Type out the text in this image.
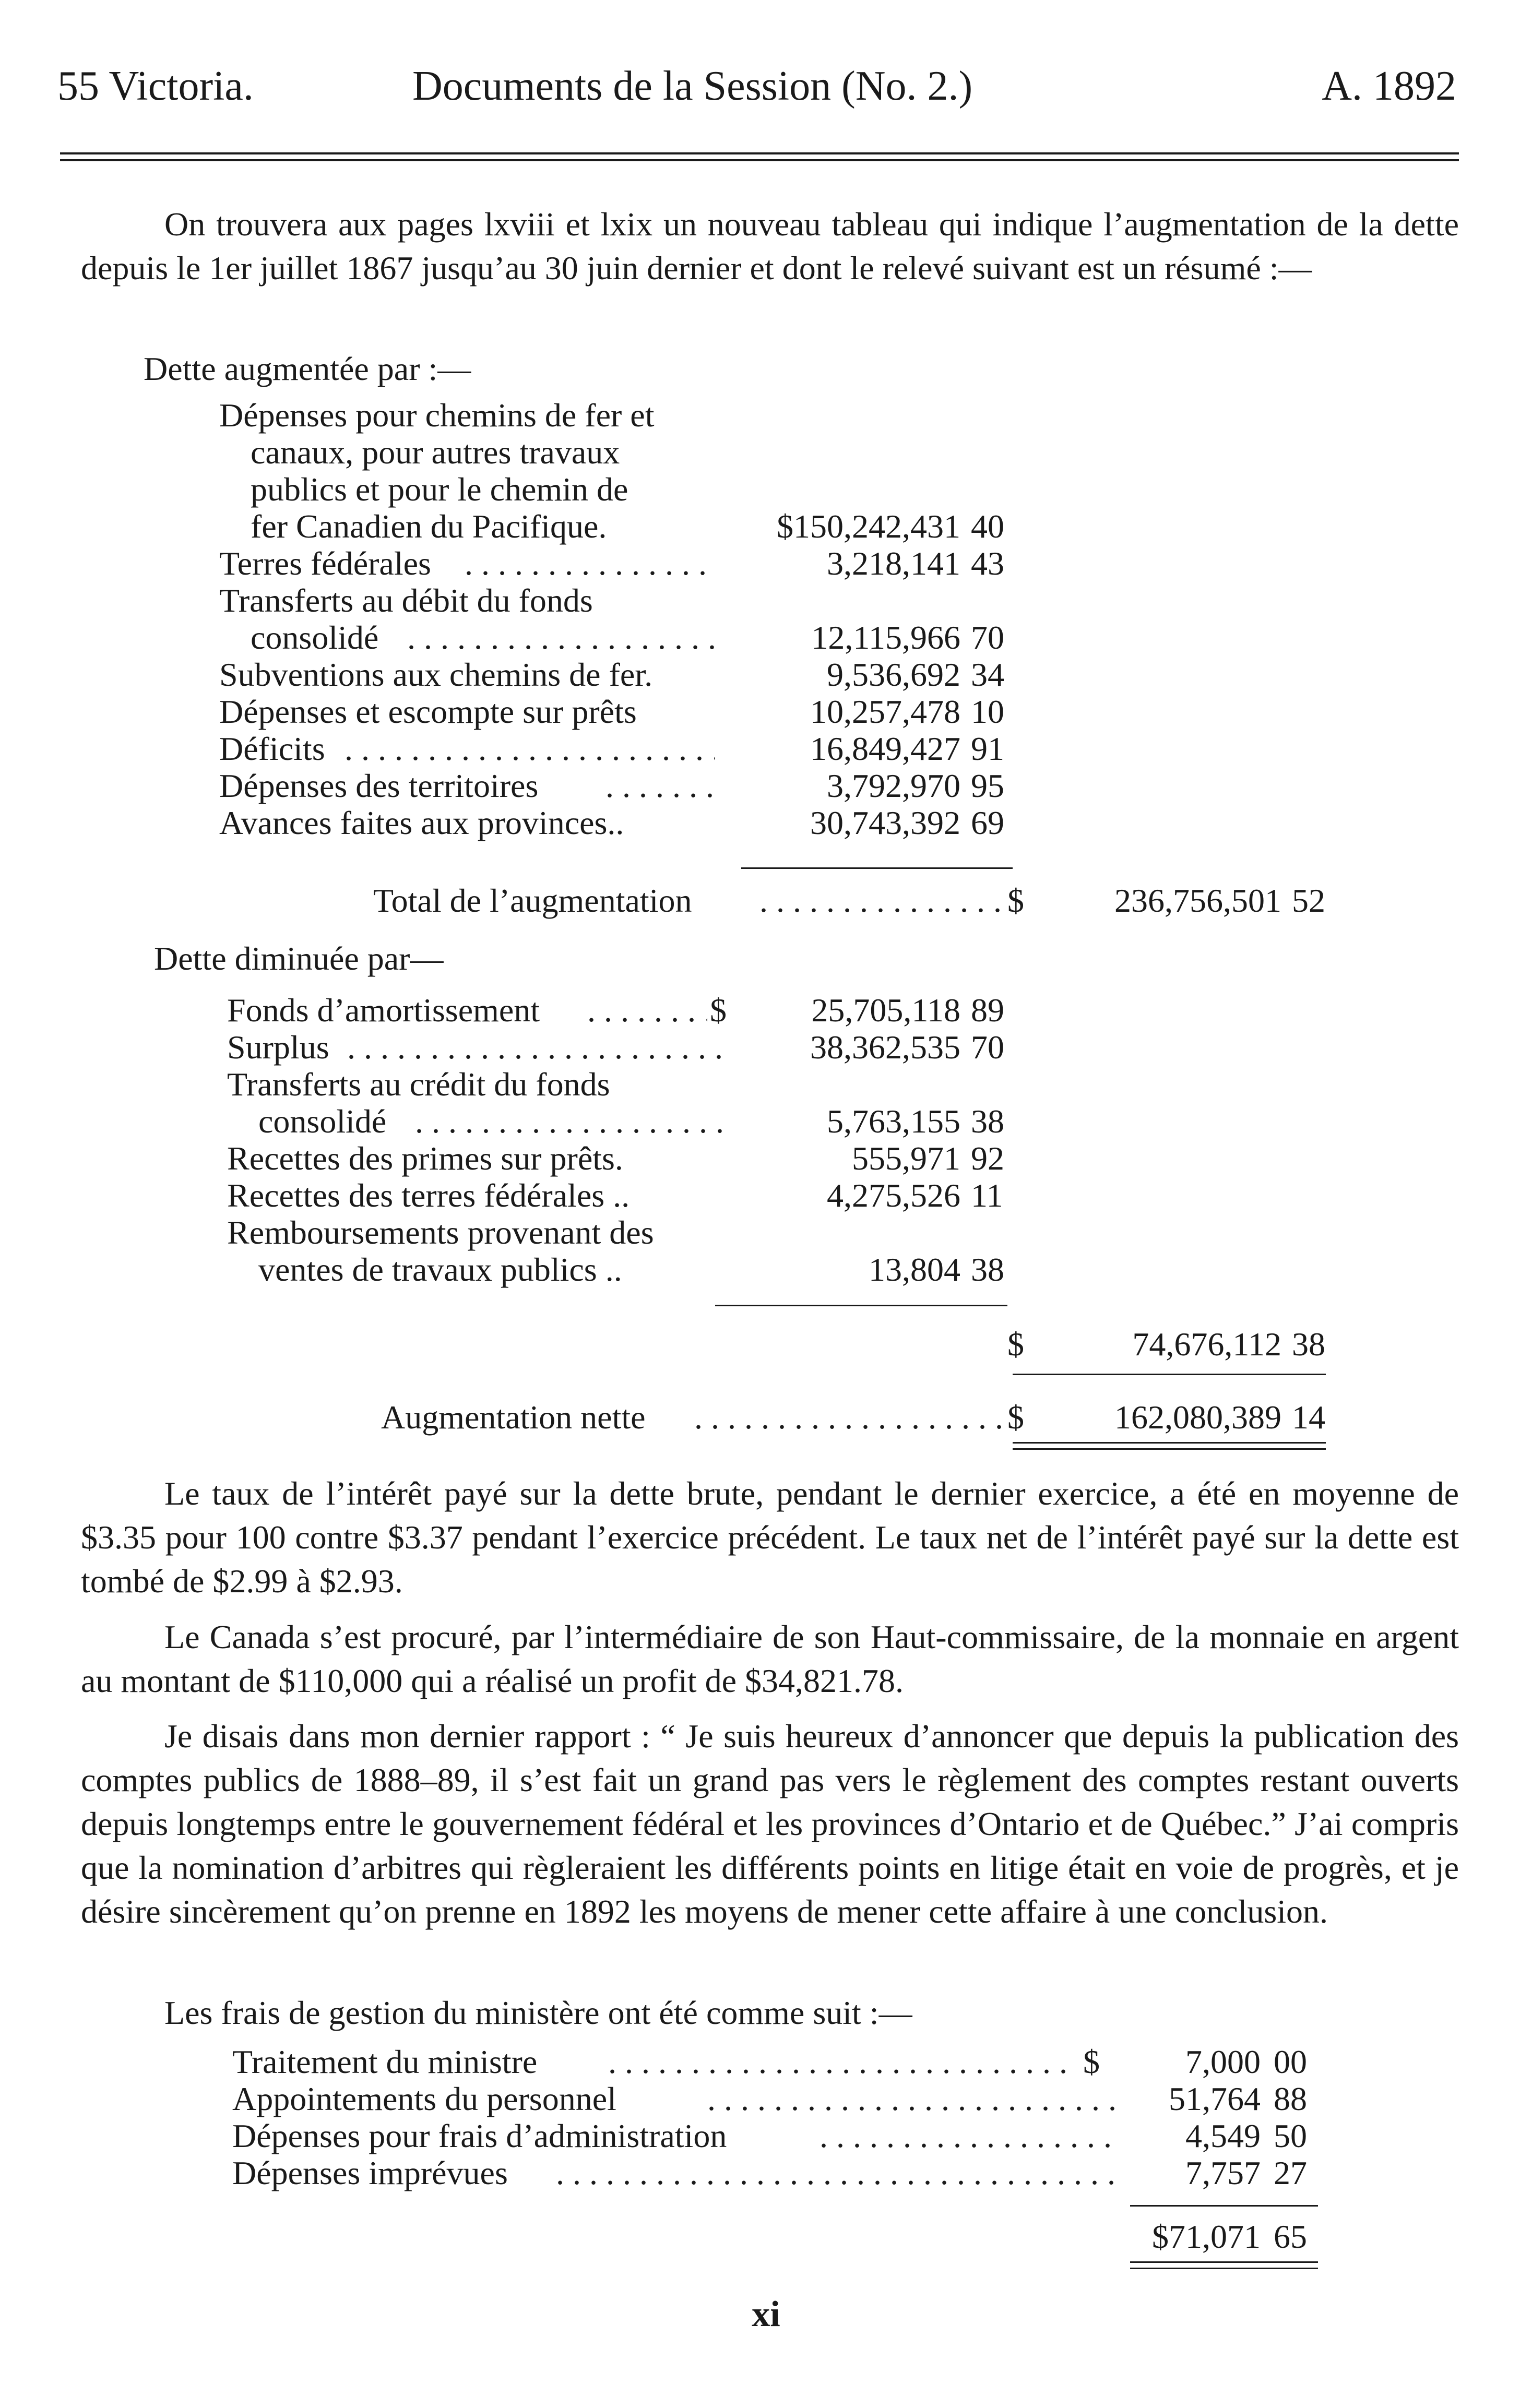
55 Victoria.	Documents de la Session (No. 2.)	A. 1892
On trouvera aux pages lxviii et lxix un nouveau tableau qui indique l’augmentation de la dette depuis le 1er juillet 1867 jusqu’au 30 juin dernier et dont le relevé suivant est un résumé :—
Dette augmentée par :—
Dépenses pour chemins de fer et
canaux, pour autres travaux
publics et pour le chemin de
fer Canadien du Pacifique.	$150,242,431 40
Terres fédérales . . .	3,218,141 43
Transferts au débit du fonds
consolidé . . .	12,115,966 70
Subventions aux chemins de fer.	9,536,692 34
Dépenses et escompte sur prêts	10,257,478 10
Déficits . . .	16,849,427 91
Dépenses des territoires . . .	3,792,970 95
Avances faites aux provinces..	30,743,392 69
Total de l’augmentation . . .	$	236,756,501 52
Dette diminuée par—
Fonds d’amortissement . . .	$	25,705,118 89
Surplus . . .	38,362,535 70
Transferts au crédit du fonds
consolidé . . .	5,763,155 38
Recettes des primes sur prêts.	555,971 92
Recettes des terres fédérales ..	4,275,526 11
Remboursements provenant des
ventes de travaux publics ..	13,804 38
$	74,676,112 38
Augmentation nette . . .	$	162,080,389 14
Le taux de l’intérêt payé sur la dette brute, pendant le dernier exercice, a été en moyenne de $3.35 pour 100 contre $3.37 pendant l’exercice précédent. Le taux net de l’intérêt payé sur la dette est tombé de $2.99 à $2.93.
Le Canada s’est procuré, par l’intermédiaire de son Haut-commissaire, de la monnaie en argent au montant de $110,000 qui a réalisé un profit de $34,821.78.
Je disais dans mon dernier rapport : “ Je suis heureux d’annoncer que depuis la publication des comptes publics de 1888–89, il s’est fait un grand pas vers le règlement des comptes restant ouverts depuis longtemps entre le gouvernement fédéral et les provinces d’Ontario et de Québec.” J’ai compris que la nomination d’arbitres qui règleraient les différents points en litige était en voie de progrès, et je désire sincèrement qu’on prenne en 1892 les moyens de mener cette affaire à une conclusion.
Les frais de gestion du ministère ont été comme suit :—
Traitement du ministre . . .	$	7,000 00
Appointements du personnel . . .	51,764 88
Dépenses pour frais d’administration . . .	4,549 50
Dépenses imprévues . . .	7,757 27
$71,071 65
xi
